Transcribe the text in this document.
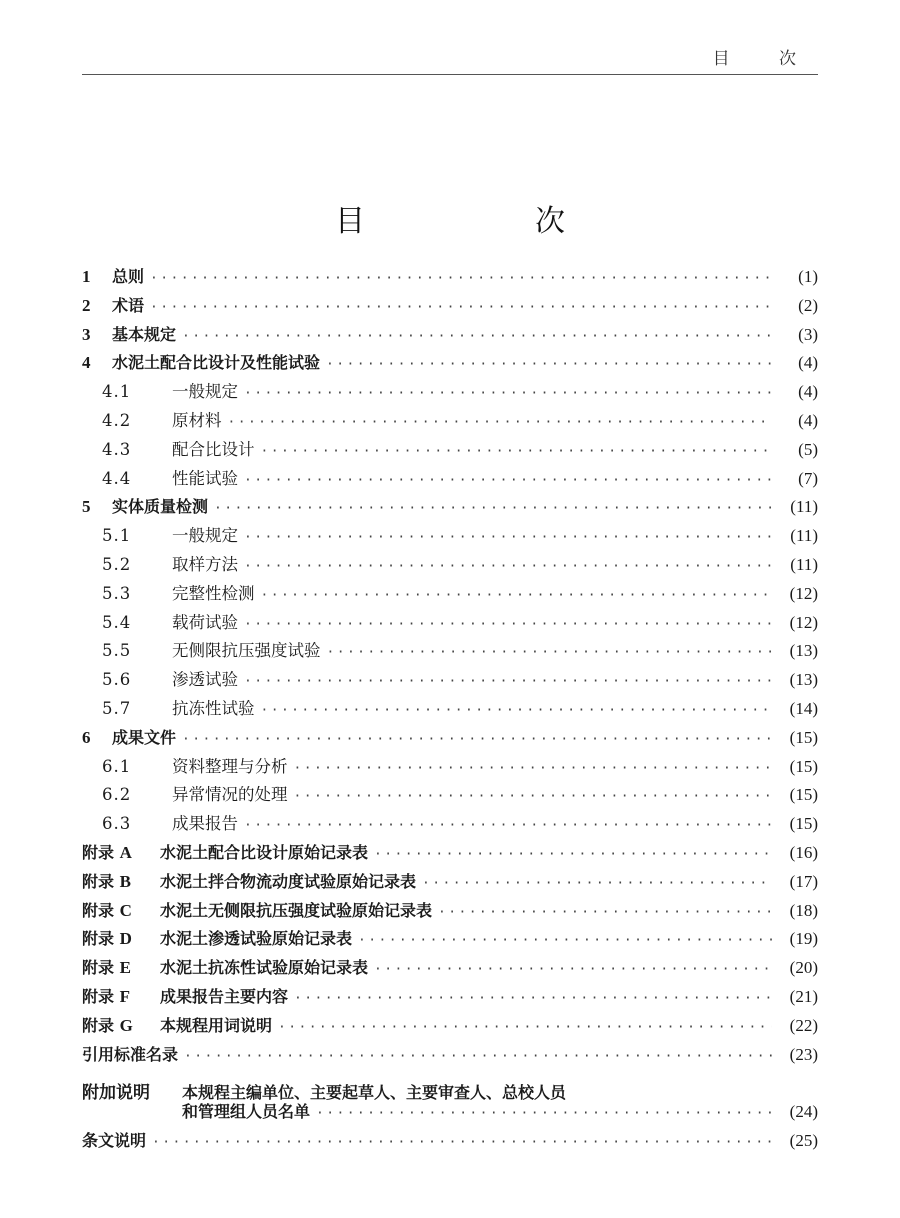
目 次
目　次
1	总则 ·····	(1)
2	术语 ·····	(2)
3	基本规定 ·····	(3)
4	水泥土配合比设计及性能试验 ·····	(4)
4.1	一般规定 ·····	(4)
4.2	原材料 ·····	(4)
4.3	配合比设计 ·····	(5)
4.4	性能试验 ·····	(7)
5	实体质量检测 ·····	(11)
5.1	一般规定 ·····	(11)
5.2	取样方法 ·····	(11)
5.3	完整性检测 ·····	(12)
5.4	载荷试验 ·····	(12)
5.5	无侧限抗压强度试验 ·····	(13)
5.6	渗透试验 ·····	(13)
5.7	抗冻性试验 ·····	(14)
6	成果文件 ·····	(15)
6.1	资料整理与分析 ·····	(15)
6.2	异常情况的处理 ·····	(15)
6.3	成果报告 ·····	(15)
附录 A	水泥土配合比设计原始记录表 ·····	(16)
附录 B	水泥土拌合物流动度试验原始记录表 ·····	(17)
附录 C	水泥土无侧限抗压强度试验原始记录表 ·····	(18)
附录 D	水泥土渗透试验原始记录表 ·····	(19)
附录 E	水泥土抗冻性试验原始记录表 ·····	(20)
附录 F	成果报告主要内容 ·····	(21)
附录 G	本规程用词说明 ·····	(22)
引用标准名录 ·····	(23)
附加说明	本规程主编单位、主要起草人、主要审查人、总校人员
和管理组人员名单 ·····	(24)
条文说明 ·····	(25)
